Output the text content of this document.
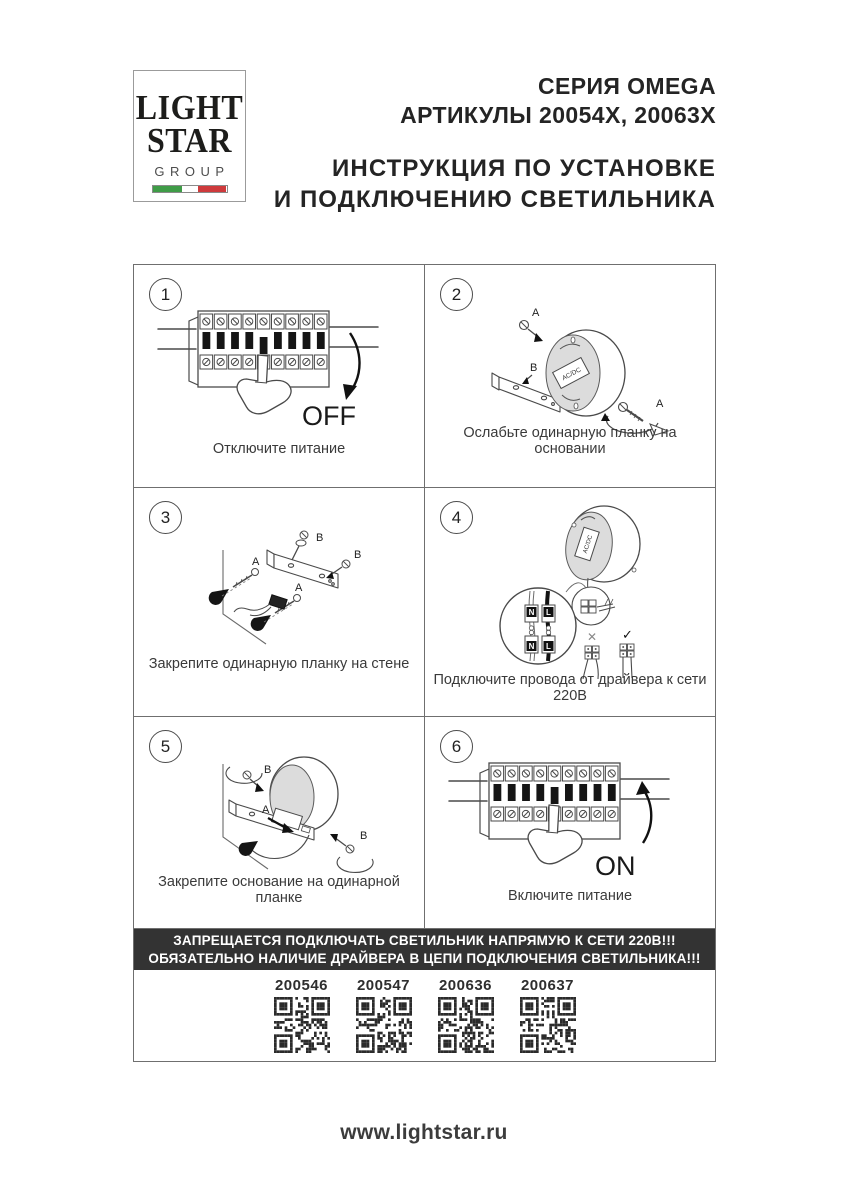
LIGHT
STAR
GROUP
СЕРИЯ OMEGA
АРТИКУЛЫ 20054X, 20063X
ИНСТРУКЦИЯ ПО УСТАНОВКЕ
И ПОДКЛЮЧЕНИЮ СВЕТИЛЬНИКА
1
OFF
Отключите питание
2
AC/DC
A
B
A
Ослабьте одинарную планку на основании
3
B
B
A
A
Закрепите одинарную планку на стене
4
AC/DC
N L
N L
✕ ✓
Подключите провода от драйвера к сети 220В
5
B
A
B
Закрепите основание на одинарной планке
6
ON
Включите питание
ЗАПРЕЩАЕТСЯ ПОДКЛЮЧАТЬ СВЕТИЛЬНИК НАПРЯМУЮ К СЕТИ 220В!!!
ОБЯЗАТЕЛЬНО НАЛИЧИЕ ДРАЙВЕРА В ЦЕПИ ПОДКЛЮЧЕНИЯ СВЕТИЛЬНИКА!!!
200546 200547 200636 200637
www.lightstar.ru
